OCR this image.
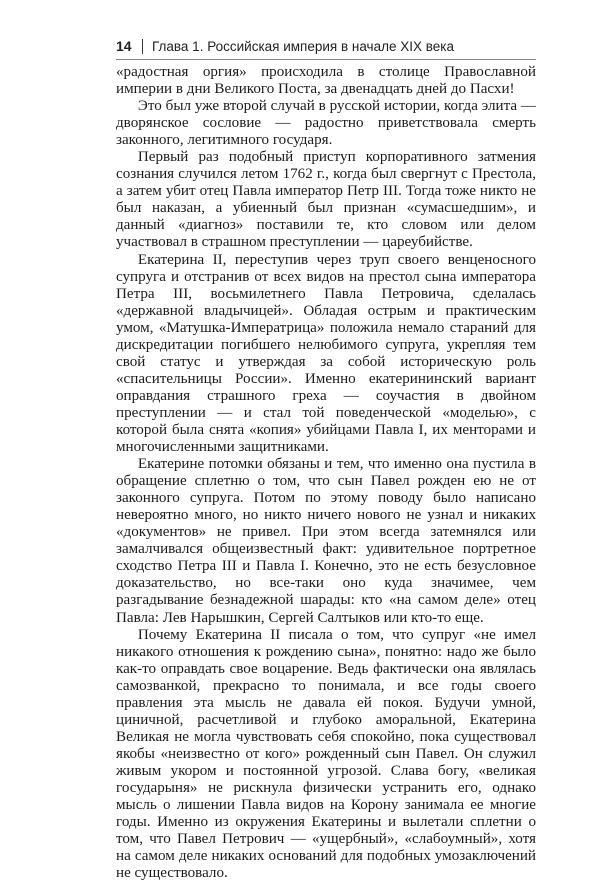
14 Глава 1. Российская империя в начале XIX века

«радостная оргия» происходила в столице Православной империи в дни Великого Поста, за двенадцать дней до Пасхи!

Это был уже второй случай в русской истории, когда элита — дворянское сословие — радостно приветствовала смерть законного, легитимного государя.

Первый раз подобный приступ корпоративного затмения сознания случился летом 1762 г., когда был свергнут с Престола, а затем убит отец Павла император Петр III. Тогда тоже никто не был наказан, а убиенный был признан «сумасшедшим», и данный «диагноз» поставили те, кто словом или делом участвовал в страшном преступлении — цареубийстве.

Екатерина II, переступив через труп своего венценосного супруга и отстранив от всех видов на престол сына императора Петра III, восьмилетнего Павла Петровича, сделалась «державной владычицей». Обладая острым и практическим умом, «Матушка-Императрица» положила немало стараний для дискредитации погибшего нелюбимого супруга, укрепляя тем свой статус и утверждая за собой историческую роль «спасительницы России». Именно екатерининский вариант оправдания страшного греха — соучастия в двойном преступлении — и стал той поведенческой «моделью», с которой была снята «копия» убийцами Павла I, их менторами и многочисленными защитниками.

Екатерине потомки обязаны и тем, что именно она пустила в обращение сплетню о том, что сын Павел рожден ею не от законного супруга. Потом по этому поводу было написано невероятно много, но никто ничего нового не узнал и никаких «документов» не привел. При этом всегда затемнялся или замалчивался общеизвестный факт: удивительное портретное сходство Петра III и Павла I. Конечно, это не есть безусловное доказательство, но все-таки оно куда значимее, чем разгадывание безнадежной шарады: кто «на самом деле» отец Павла: Лев Нарышкин, Сергей Салтыков или кто-то еще.

Почему Екатерина II писала о том, что супруг «не имел никакого отношения к рождению сына», понятно: надо же было как-то оправдать свое воцарение. Ведь фактически она являлась самозванкой, прекрасно то понимала, и все годы своего правления эта мысль не давала ей покоя. Будучи умной, циничной, расчетливой и глубоко аморальной, Екатерина Великая не могла чувствовать себя спокойно, пока существовал якобы «неизвестно от кого» рожденный сын Павел. Он служил живым укором и постоянной угрозой. Слава богу, «великая государыня» не рискнула физически устранить его, однако мысль о лишении Павла видов на Корону занимала ее многие годы. Именно из окружения Екатерины и вылетали сплетни о том, что Павел Петрович — «ущербный», «слабоумный», хотя на самом деле никаких оснований для подобных умозаключений не существовало.
